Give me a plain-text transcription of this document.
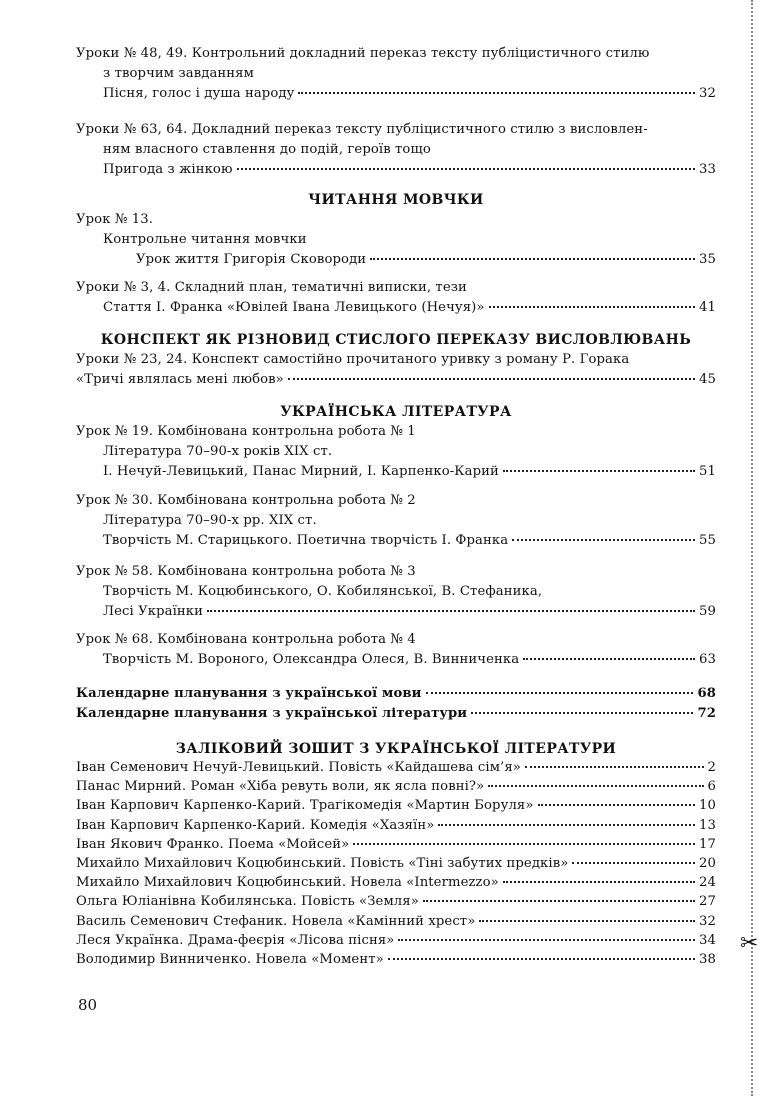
Уроки № 48, 49. Контрольний докладний переказ тексту публіцистичного стилю
з творчим завданням
Пісня, голос і душа народу	32
Уроки № 63, 64. Докладний переказ тексту публіцистичного стилю з висловлен-
ням власного ставлення до подій, героїв тощо
Пригода з жінкою	33
ЧИТАННЯ МОВЧКИ
Урок № 13.
Контрольне читання мовчки
Урок життя Григорія Сковороди	35
Уроки № 3, 4. Складний план, тематичні виписки, тези
Стаття І. Франка «Ювілей Івана Левицького (Нечуя)»	41
КОНСПЕКТ ЯК РІЗНОВИД СТИСЛОГО ПЕРЕКАЗУ ВИСЛОВЛЮВАНЬ
Уроки № 23, 24. Конспект самостійно прочитаного уривку з роману Р. Горака
«Тричі являлась мені любов»	45
УКРАЇНСЬКА ЛІТЕРАТУРА
Урок № 19. Комбінована контрольна робота № 1
Література 70–90-х років XIX ст.
І. Нечуй-Левицький, Панас Мирний, І. Карпенко-Карий	51
Урок № 30. Комбінована контрольна робота № 2
Література 70–90-х рр. XIX ст.
Творчість М. Старицького. Поетична творчість І. Франка	55
Урок № 58. Комбінована контрольна робота № 3
Творчість М. Коцюбинського, О. Кобилянської, В. Стефаника,
Лесі Українки	59
Урок № 68. Комбінована контрольна робота № 4
Творчість М. Вороного, Олександра Олеся, В. Винниченка	63
Календарне планування з української мови	68
Календарне планування з української літератури	72
ЗАЛІКОВИЙ ЗОШИТ З УКРАЇНСЬКОЇ ЛІТЕРАТУРИ
Іван Семенович Нечуй-Левицький. Повість «Кайдашева сім’я»	2
Панас Мирний. Роман «Хіба ревуть воли, як ясла повні?»	6
Іван Карпович Карпенко-Карий. Трагікомедія «Мартин Боруля»	10
Іван Карпович Карпенко-Карий. Комедія «Хазяїн»	13
Іван Якович Франко. Поема «Мойсей»	17
Михайло Михайлович Коцюбинський. Повість «Тіні забутих предків»	20
Михайло Михайлович Коцюбинський. Новела «Intermezzo»	24
Ольга Юліанівна Кобилянська. Повість «Земля»	27
Василь Семенович Стефаник. Новела «Камінний хрест»	32
Леся Українка. Драма-феєрія «Лісова пісня»	34
Володимир Винниченко. Новела «Момент»	38
80
✂
